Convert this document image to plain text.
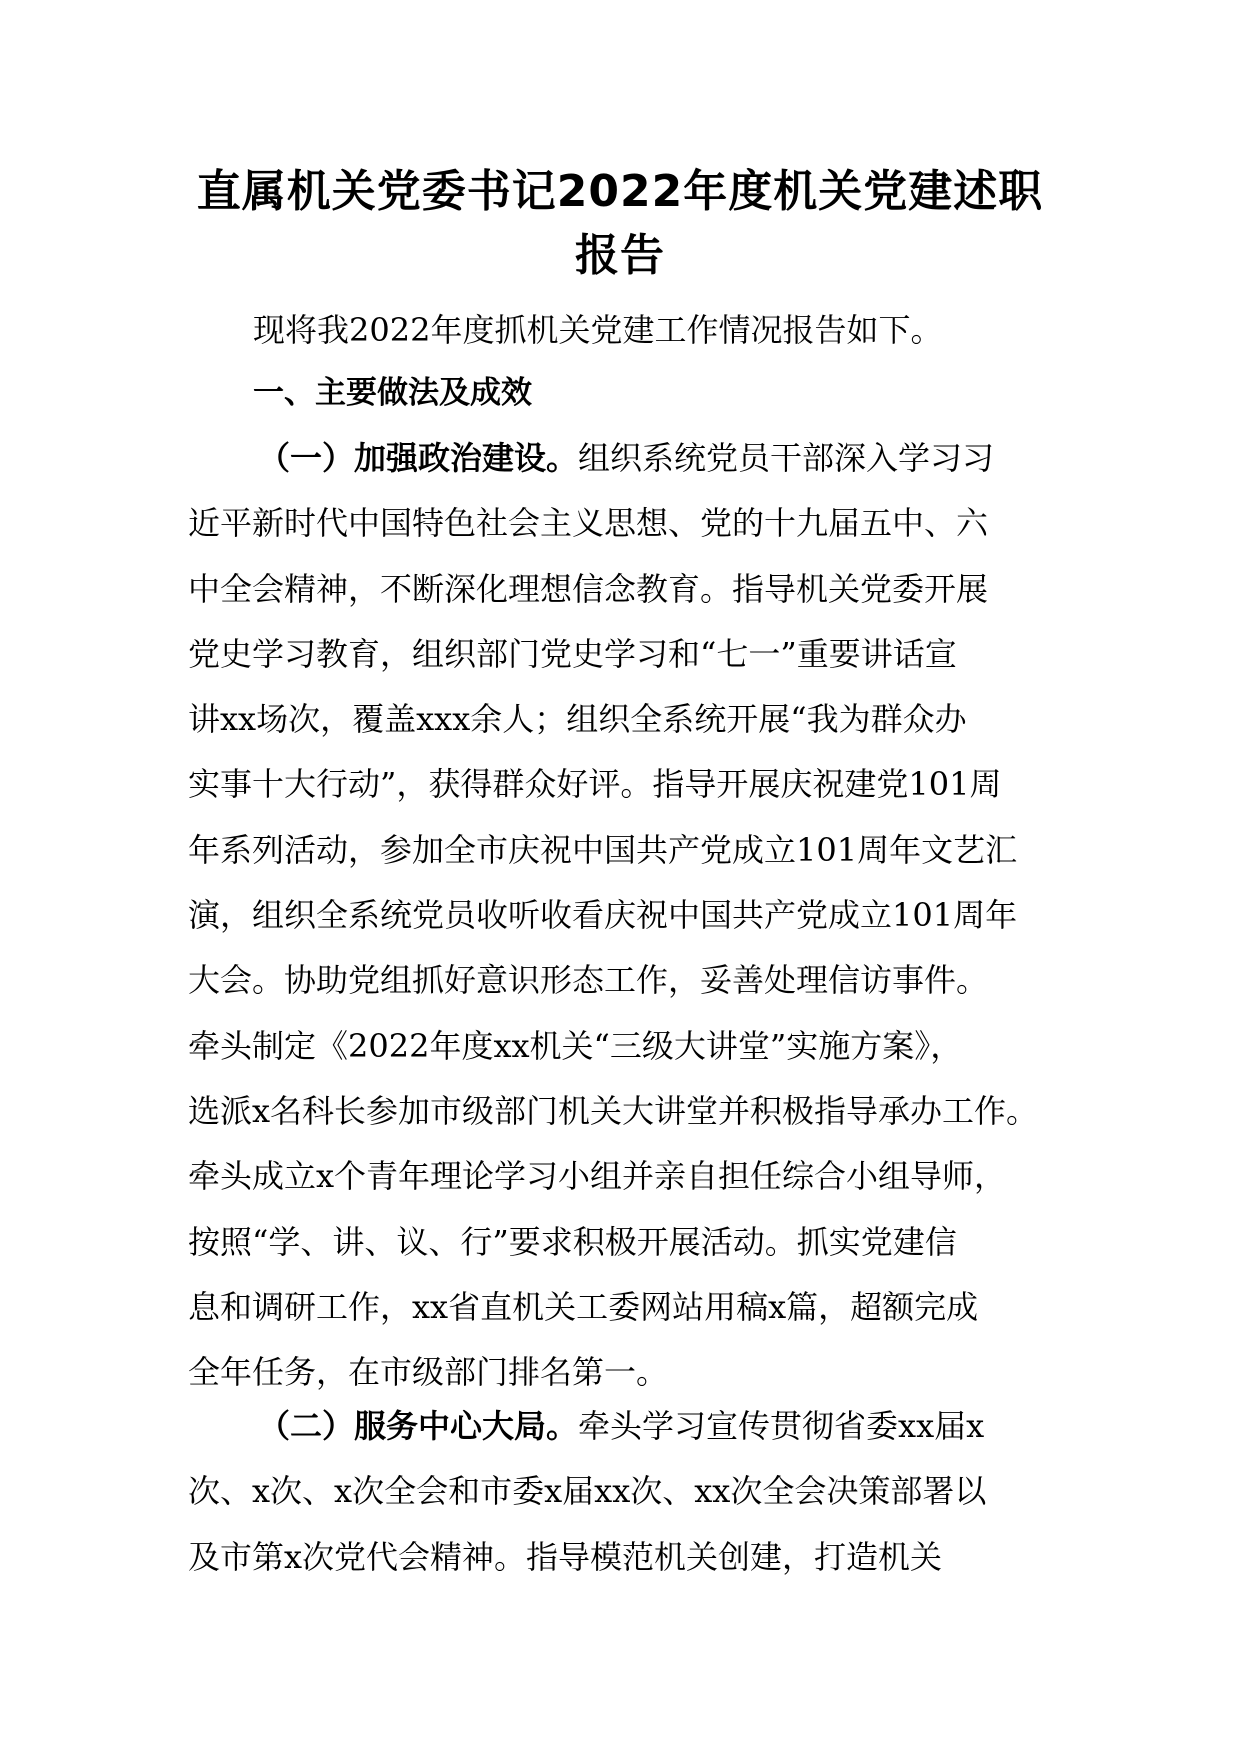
直属机关党委书记2022年度机关党建述职
报告

现将我2022年度抓机关党建工作情况报告如下。

一、主要做法及成效

（一）加强政治建设。组织系统党员干部深入学习习
近平新时代中国特色社会主义思想、党的十九届五中、六
中全会精神，不断深化理想信念教育。指导机关党委开展
党史学习教育，组织部门党史学习和“七一”重要讲话宣
讲xx场次，覆盖xxx余人；组织全系统开展“我为群众办
实事十大行动”，获得群众好评。指导开展庆祝建党101周
年系列活动，参加全市庆祝中国共产党成立101周年文艺汇
演，组织全系统党员收听收看庆祝中国共产党成立101周年
大会。协助党组抓好意识形态工作，妥善处理信访事件。
牵头制定《2022年度xx机关“三级大讲堂”实施方案》，
选派x名科长参加市级部门机关大讲堂并积极指导承办工作。
牵头成立x个青年理论学习小组并亲自担任综合小组导师，
按照“学、讲、议、行”要求积极开展活动。抓实党建信
息和调研工作，xx省直机关工委网站用稿x篇，超额完成
全年任务，在市级部门排名第一。

（二）服务中心大局。牵头学习宣传贯彻省委xx届x
次、x次、x次全会和市委x届xx次、xx次全会决策部署以
及市第x次党代会精神。指导模范机关创建，打造机关
